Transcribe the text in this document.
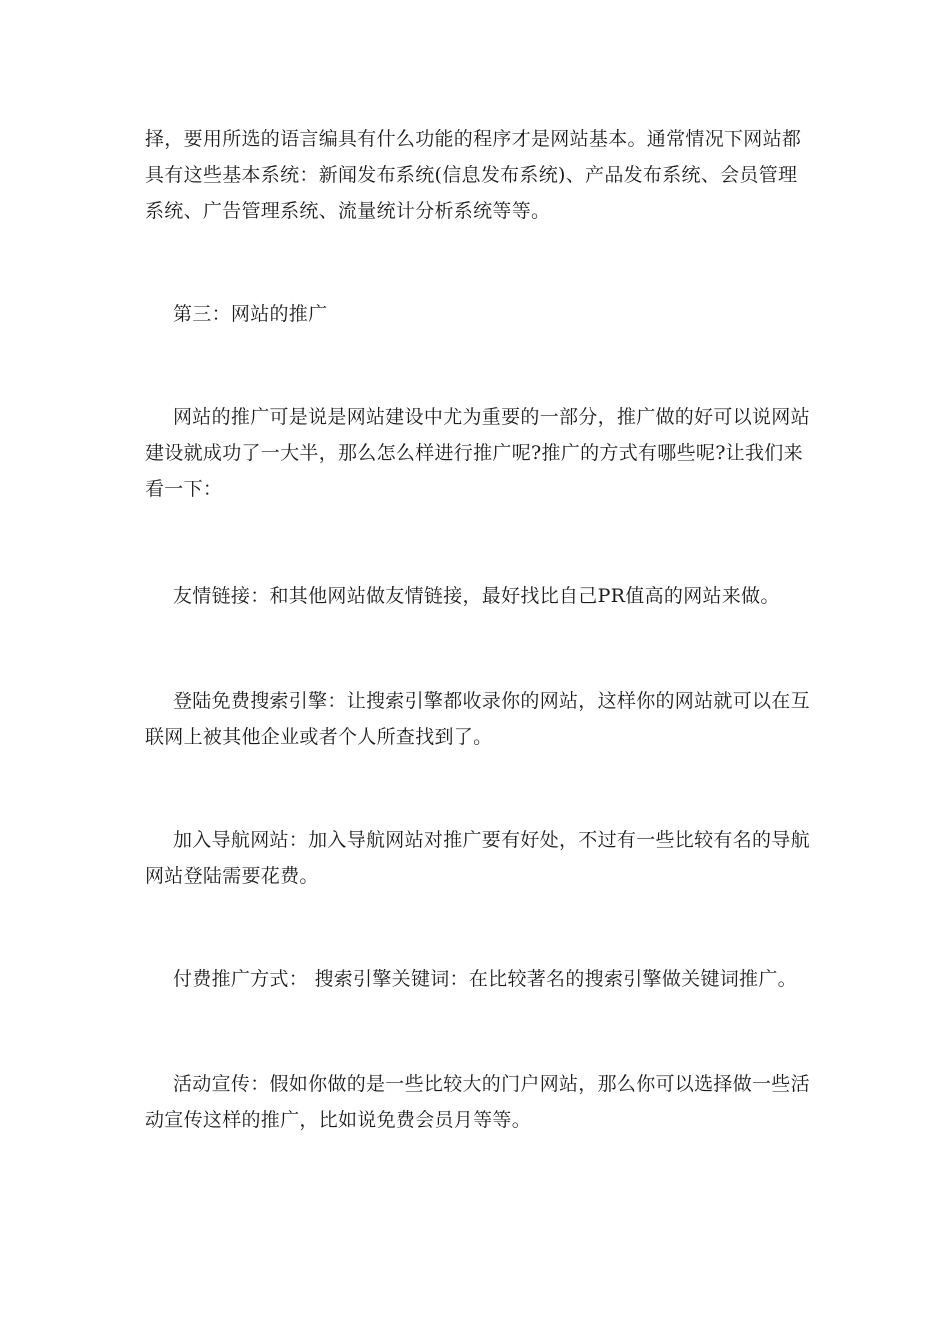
择，要用所选的语言编具有什么功能的程序才是网站基本。通常情况下网站都
具有这些基本系统：新闻发布系统(信息发布系统)、产品发布系统、会员管理
系统、广告管理系统、流量统计分析系统等等。

第三：网站的推广

网站的推广可是说是网站建设中尤为重要的一部分，推广做的好可以说网站
建设就成功了一大半，那么怎么样进行推广呢?推广的方式有哪些呢?让我们来
看一下：

友情链接：和其他网站做友情链接，最好找比自己PR值高的网站来做。

登陆免费搜索引擎：让搜索引擎都收录你的网站，这样你的网站就可以在互
联网上被其他企业或者个人所查找到了。

加入导航网站：加入导航网站对推广要有好处，不过有一些比较有名的导航
网站登陆需要花费。

付费推广方式： 搜索引擎关键词：在比较著名的搜索引擎做关键词推广。

活动宣传：假如你做的是一些比较大的门户网站，那么你可以选择做一些活
动宣传这样的推广，比如说免费会员月等等。
